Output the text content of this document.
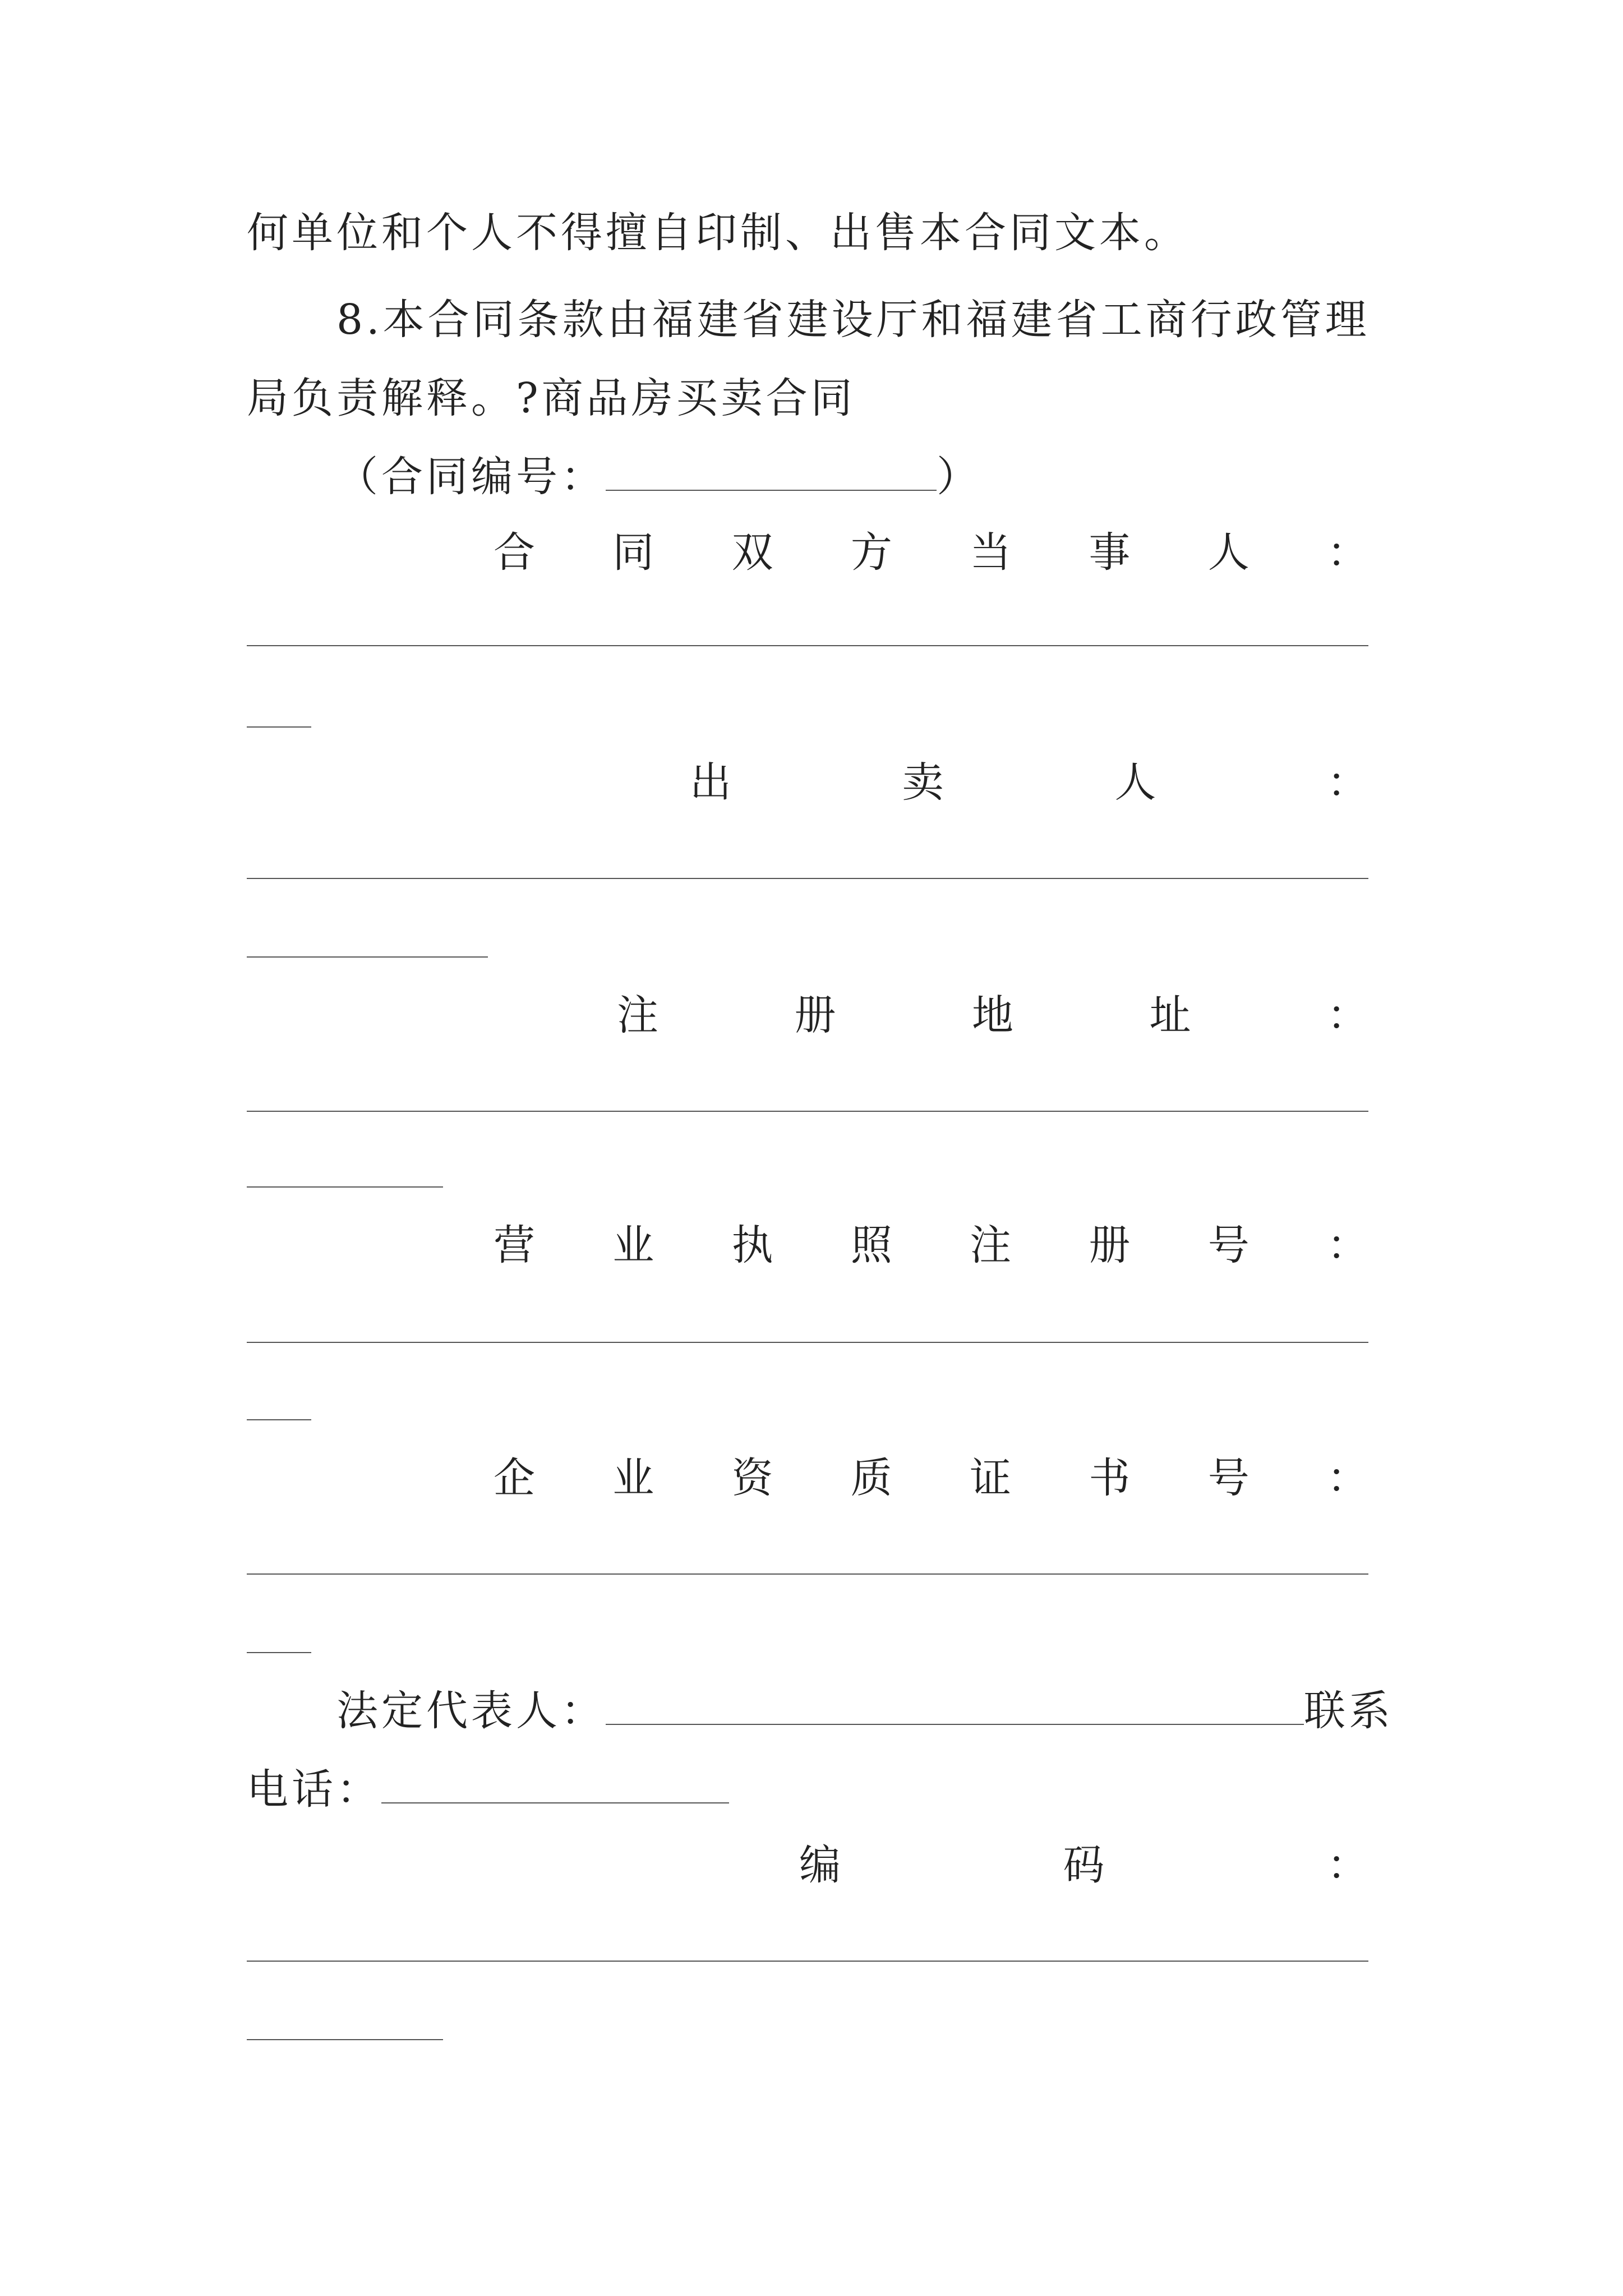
何单位和个人不得擅自印制、出售本合同文本。
8.本合同条款由福建省建设厅和福建省工商行政管理
局负责解释。?商品房买卖合同
（合同编号：	）
合 同 双 方 当 事 人 ：
出	卖	人	：
注	册	地	址	：
营 业 执 照 注 册 号 ：
企 业 资 质 证 书 号 ：
法定代表人：	联系
电话：
编	码	：
